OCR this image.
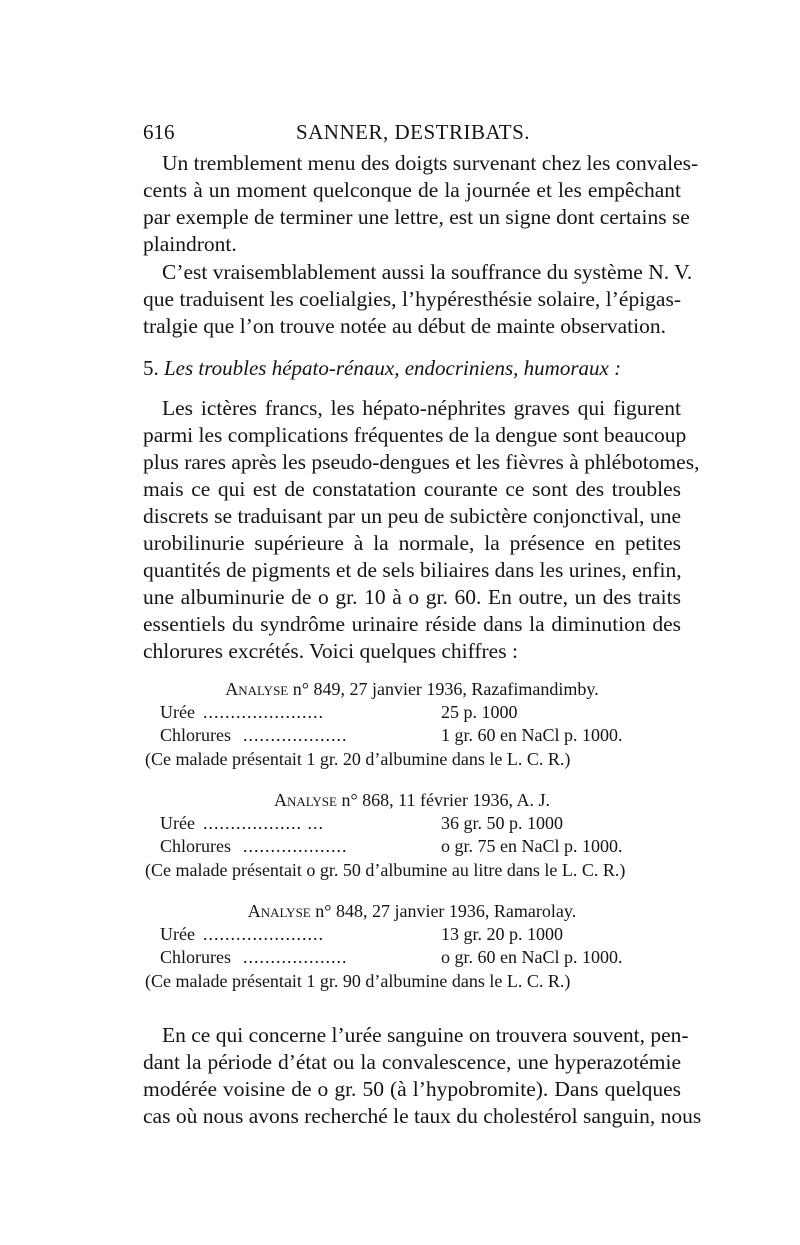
616	SANNER, DESTRIBATS.
Un tremblement menu des doigts survenant chez les convales-
cents à un moment quelconque de la journée et les empêchant
par exemple de terminer une lettre, est un signe dont certains se
plaindront.
C’est vraisemblablement aussi la souffrance du système N. V.
que traduisent les coelialgies, l’hypéresthésie solaire, l’épigas-
tralgie que l’on trouve notée au début de mainte observation.
5. Les troubles hépato-rénaux, endocriniens, humoraux :
Les ictères francs, les hépato-néphrites graves qui figurent
parmi les complications fréquentes de la dengue sont beaucoup
plus rares après les pseudo-dengues et les fièvres à phlébotomes,
mais ce qui est de constatation courante ce sont des troubles
discrets se traduisant par un peu de subictère conjonctival, une
urobilinurie supérieure à la normale, la présence en petites
quantités de pigments et de sels biliaires dans les urines, enfin,
une albuminurie de o gr. 10 à o gr. 60. En outre, un des traits
essentiels du syndrôme urinaire réside dans la diminution des
chlorures excrétés. Voici quelques chiffres :
Analyse n° 849, 27 janvier 1936, Razafimandimby.
Urée ......................	25 p. 1000
Chlorures ...................	1 gr. 60 en NaCl p. 1000.
(Ce malade présentait 1 gr. 20 d’albumine dans le L. C. R.)
Analyse n° 868, 11 février 1936, A. J.
Urée .................. ...	36 gr. 50 p. 1000
Chlorures ...................	o gr. 75 en NaCl p. 1000.
(Ce malade présentait o gr. 50 d’albumine au litre dans le L. C. R.)
Analyse n° 848, 27 janvier 1936, Ramarolay.
Urée ......................	13 gr. 20 p. 1000
Chlorures ...................	o gr. 60 en NaCl p. 1000.
(Ce malade présentait 1 gr. 90 d’albumine dans le L. C. R.)
En ce qui concerne l’urée sanguine on trouvera souvent, pen-
dant la période d’état ou la convalescence, une hyperazotémie
modérée voisine de o gr. 50 (à l’hypobromite). Dans quelques
cas où nous avons recherché le taux du cholestérol sanguin, nous
